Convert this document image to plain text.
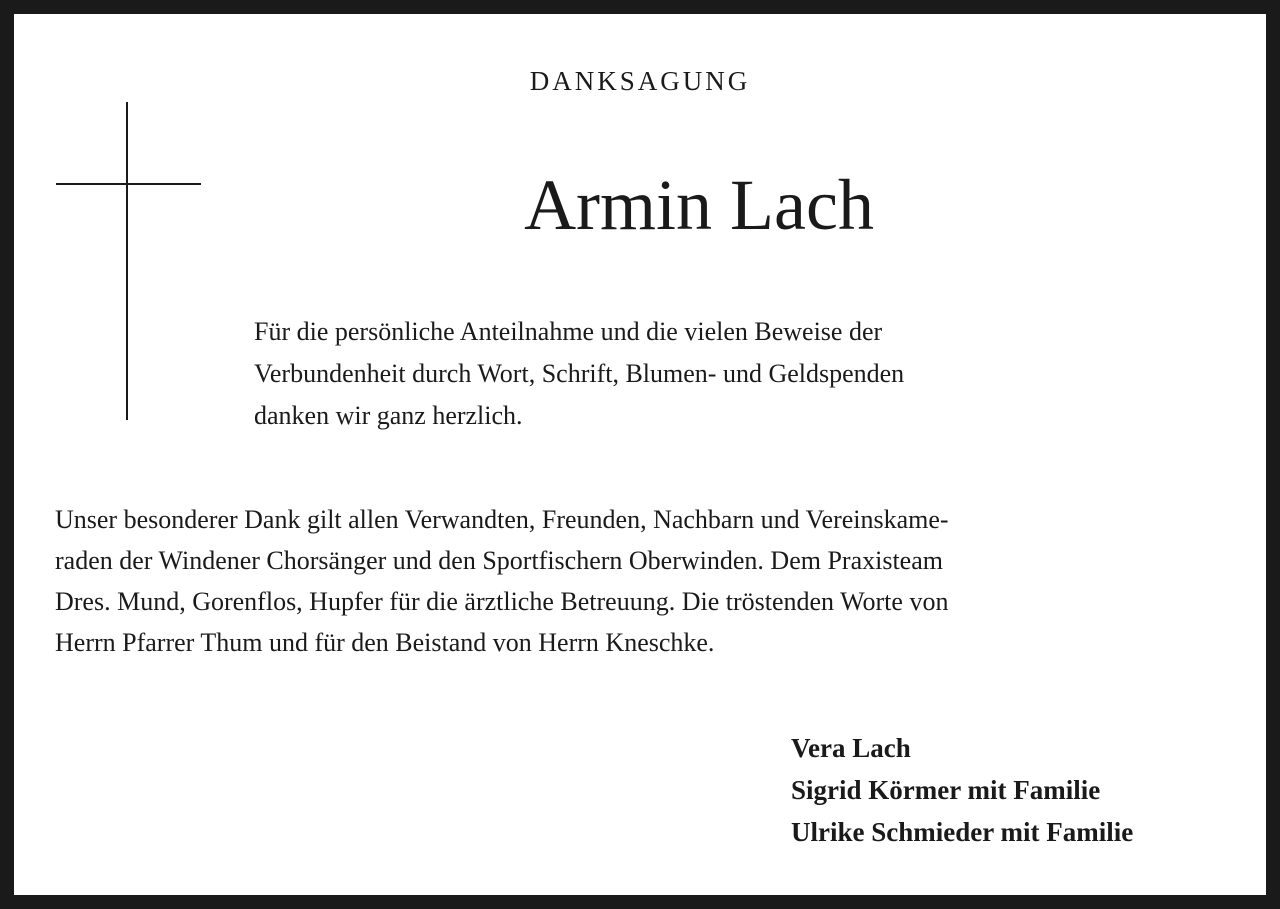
DANKSAGUNG
Armin Lach
Für die persönliche Anteilnahme und die vielen Beweise der
Verbundenheit durch Wort, Schrift, Blumen- und Geldspenden
danken wir ganz herzlich.
Unser besonderer Dank gilt allen Verwandten, Freunden, Nachbarn und Vereinskame-
raden der Windener Chorsänger und den Sportfischern Oberwinden. Dem Praxisteam
Dres. Mund, Gorenflos, Hupfer für die ärztliche Betreuung. Die tröstenden Worte von
Herrn Pfarrer Thum und für den Beistand von Herrn Kneschke.
Vera Lach
Sigrid Körmer mit Familie
Ulrike Schmieder mit Familie
